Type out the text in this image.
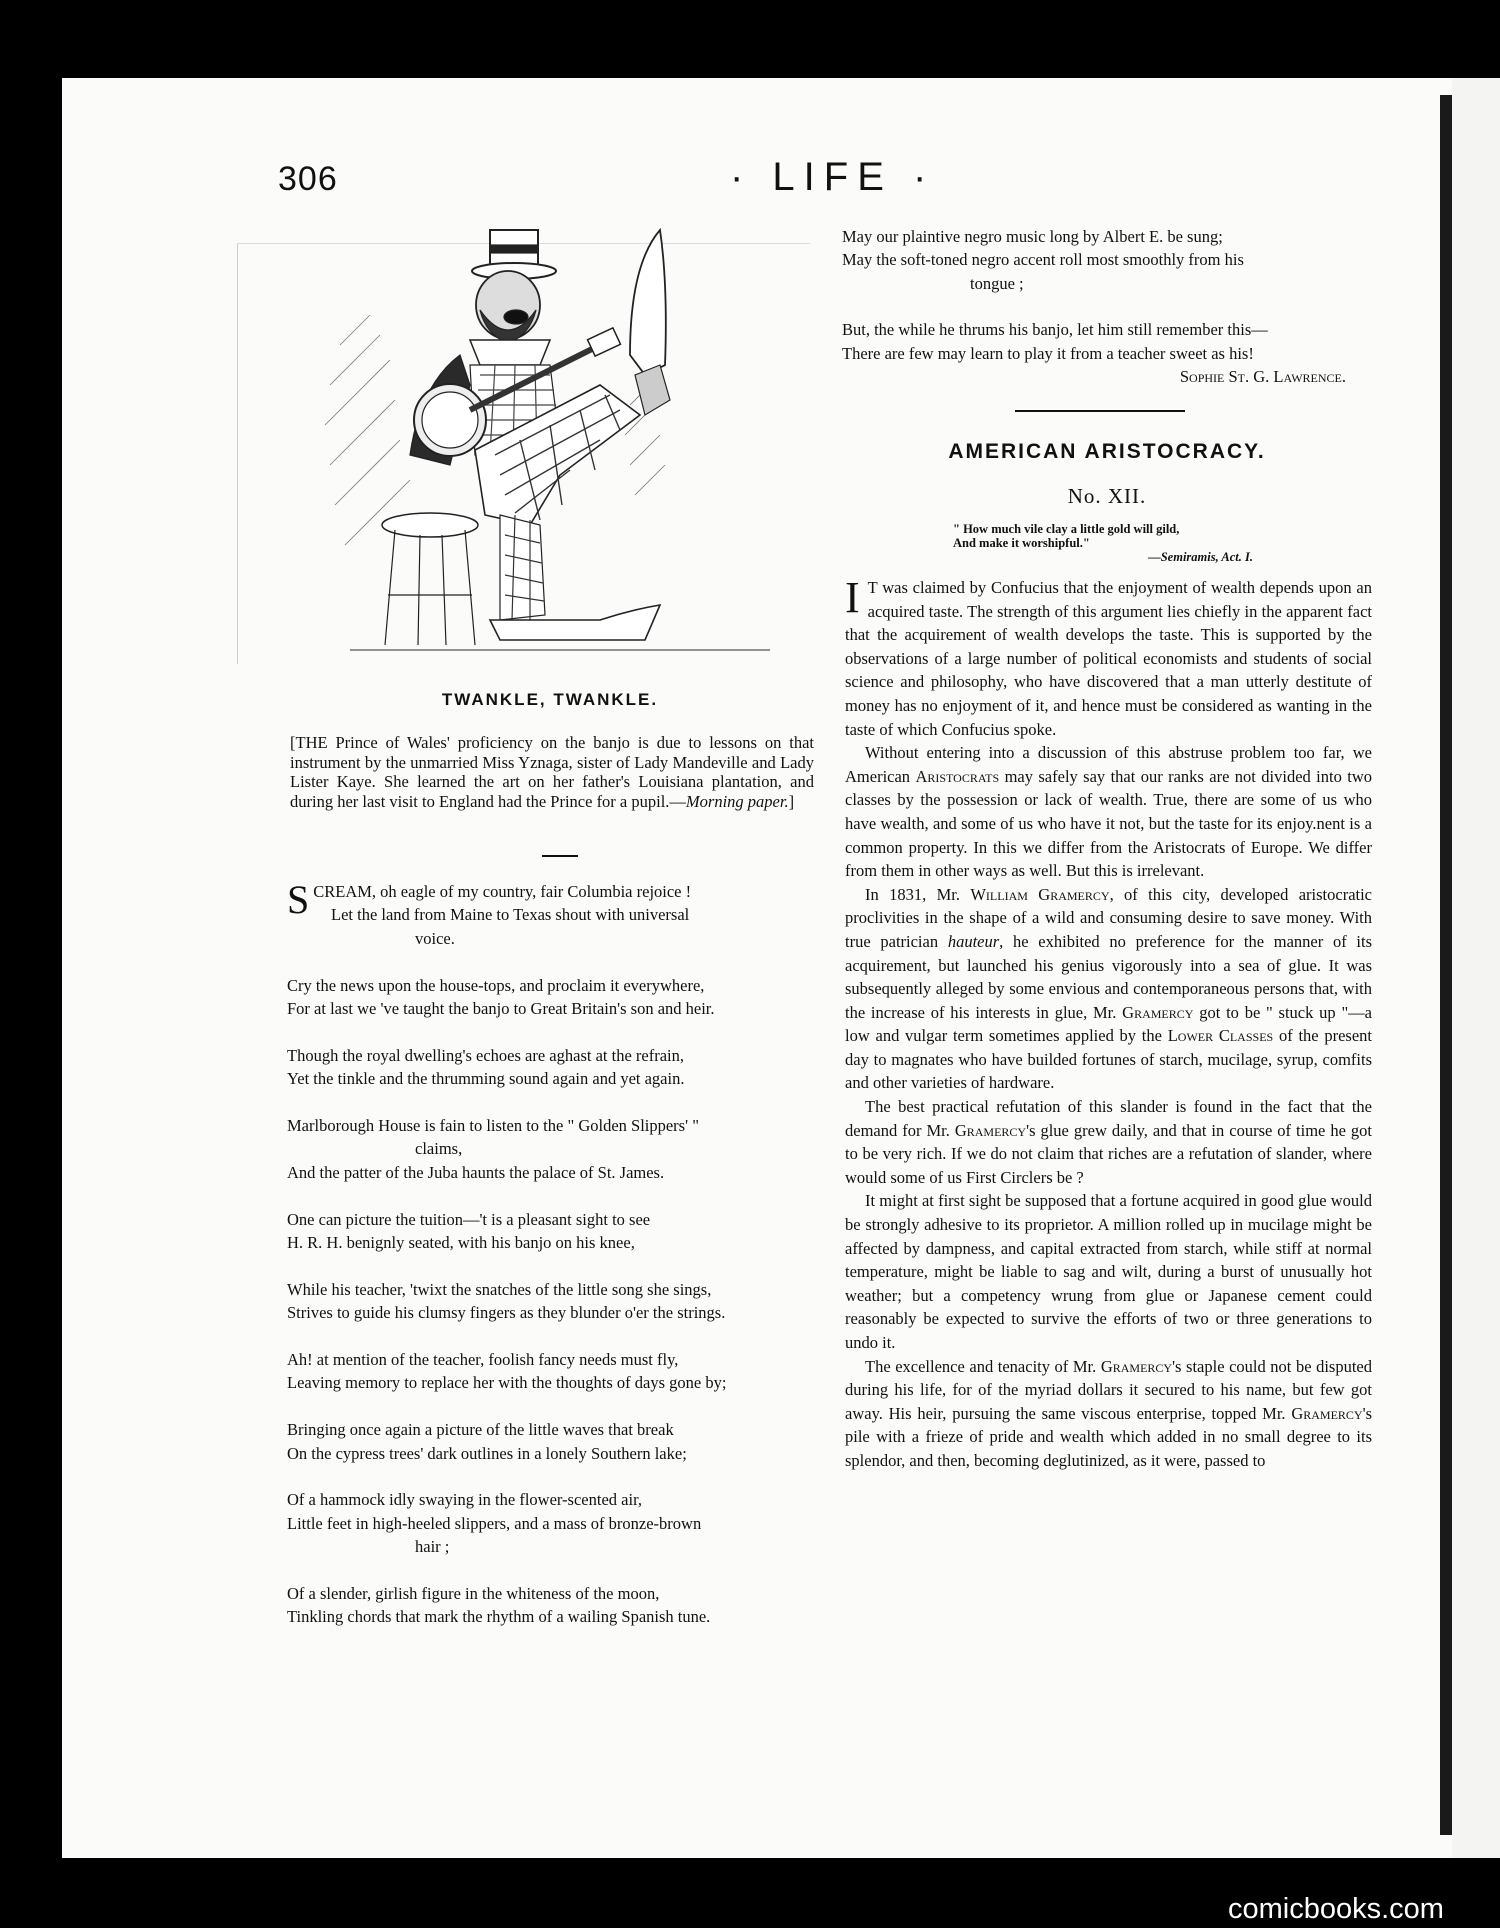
306	· LIFE ·
TWANKLE, TWANKLE.
[THE Prince of Wales' proficiency on the banjo is due to lessons on that instrument by the unmarried Miss Yznaga, sister of Lady Mandeville and Lady Lister Kaye. She learned the art on her father's Louisiana plantation, and during her last visit to England had the Prince for a pupil.—Morning paper.]
S CREAM, oh eagle of my country, fair Columbia rejoice !
Let the land from Maine to Texas shout with universal
voice.
Cry the news upon the house-tops, and proclaim it everywhere,
For at last we 've taught the banjo to Great Britain's son and heir.
Though the royal dwelling's echoes are aghast at the refrain,
Yet the tinkle and the thrumming sound again and yet again.
Marlborough House is fain to listen to the " Golden Slippers' "
claims,
And the patter of the Juba haunts the palace of St. James.
One can picture the tuition—'t is a pleasant sight to see
H. R. H. benignly seated, with his banjo on his knee,
While his teacher, 'twixt the snatches of the little song she sings,
Strives to guide his clumsy fingers as they blunder o'er the strings.
Ah! at mention of the teacher, foolish fancy needs must fly,
Leaving memory to replace her with the thoughts of days gone by;
Bringing once again a picture of the little waves that break
On the cypress trees' dark outlines in a lonely Southern lake;
Of a hammock idly swaying in the flower-scented air,
Little feet in high-heeled slippers, and a mass of bronze-brown
hair ;
Of a slender, girlish figure in the whiteness of the moon,
Tinkling chords that mark the rhythm of a wailing Spanish tune.
May our plaintive negro music long by Albert E. be sung;
May the soft-toned negro accent roll most smoothly from his
tongue ;
But, the while he thrums his banjo, let him still remember this—
There are few may learn to play it from a teacher sweet as his!
Sophie St. G. Lawrence.
AMERICAN ARISTOCRACY.
No. XII.
" How much vile clay a little gold will gild,
And make it worshipful."
—Semiramis, Act. I.

I T was claimed by Confucius that the enjoyment of wealth depends upon an acquired taste. The strength of this argument lies chiefly in the apparent fact that the acquirement of wealth develops the taste. This is supported by the observations of a large number of political economists and students of social science and philosophy, who have discovered that a man utterly destitute of money has no enjoyment of it, and hence must be considered as wanting in the taste of which Confucius spoke.

Without entering into a discussion of this abstruse problem too far, we American Aristocrats may safely say that our ranks are not divided into two classes by the possession or lack of wealth. True, there are some of us who have wealth, and some of us who have it not, but the taste for its enjoy.nent is a common property. In this we differ from the Aristocrats of Europe. We differ from them in other ways as well. But this is irrelevant.

In 1831, Mr. William Gramercy, of this city, developed aristocratic proclivities in the shape of a wild and consuming desire to save money. With true patrician hauteur, he exhibited no preference for the manner of its acquirement, but launched his genius vigorously into a sea of glue. It was subsequently alleged by some envious and contemporaneous persons that, with the increase of his interests in glue, Mr. Gramercy got to be " stuck up "—a low and vulgar term sometimes applied by the Lower Classes of the present day to magnates who have builded fortunes of starch, mucilage, syrup, comfits and other varieties of hardware.

The best practical refutation of this slander is found in the fact that the demand for Mr. Gramercy's glue grew daily, and that in course of time he got to be very rich. If we do not claim that riches are a refutation of slander, where would some of us First Circlers be ?

It might at first sight be supposed that a fortune acquired in good glue would be strongly adhesive to its proprietor. A million rolled up in mucilage might be affected by dampness, and capital extracted from starch, while stiff at normal temperature, might be liable to sag and wilt, during a burst of unusually hot weather; but a competency wrung from glue or Japanese cement could reasonably be expected to survive the efforts of two or three generations to undo it.

The excellence and tenacity of Mr. Gramercy's staple could not be disputed during his life, for of the myriad dollars it secured to his name, but few got away. His heir, pursuing the same viscous enterprise, topped Mr. Gramercy's pile with a frieze of pride and wealth which added in no small degree to its splendor, and then, becoming deglutinized, as it were, passed to

comicbooks.com
